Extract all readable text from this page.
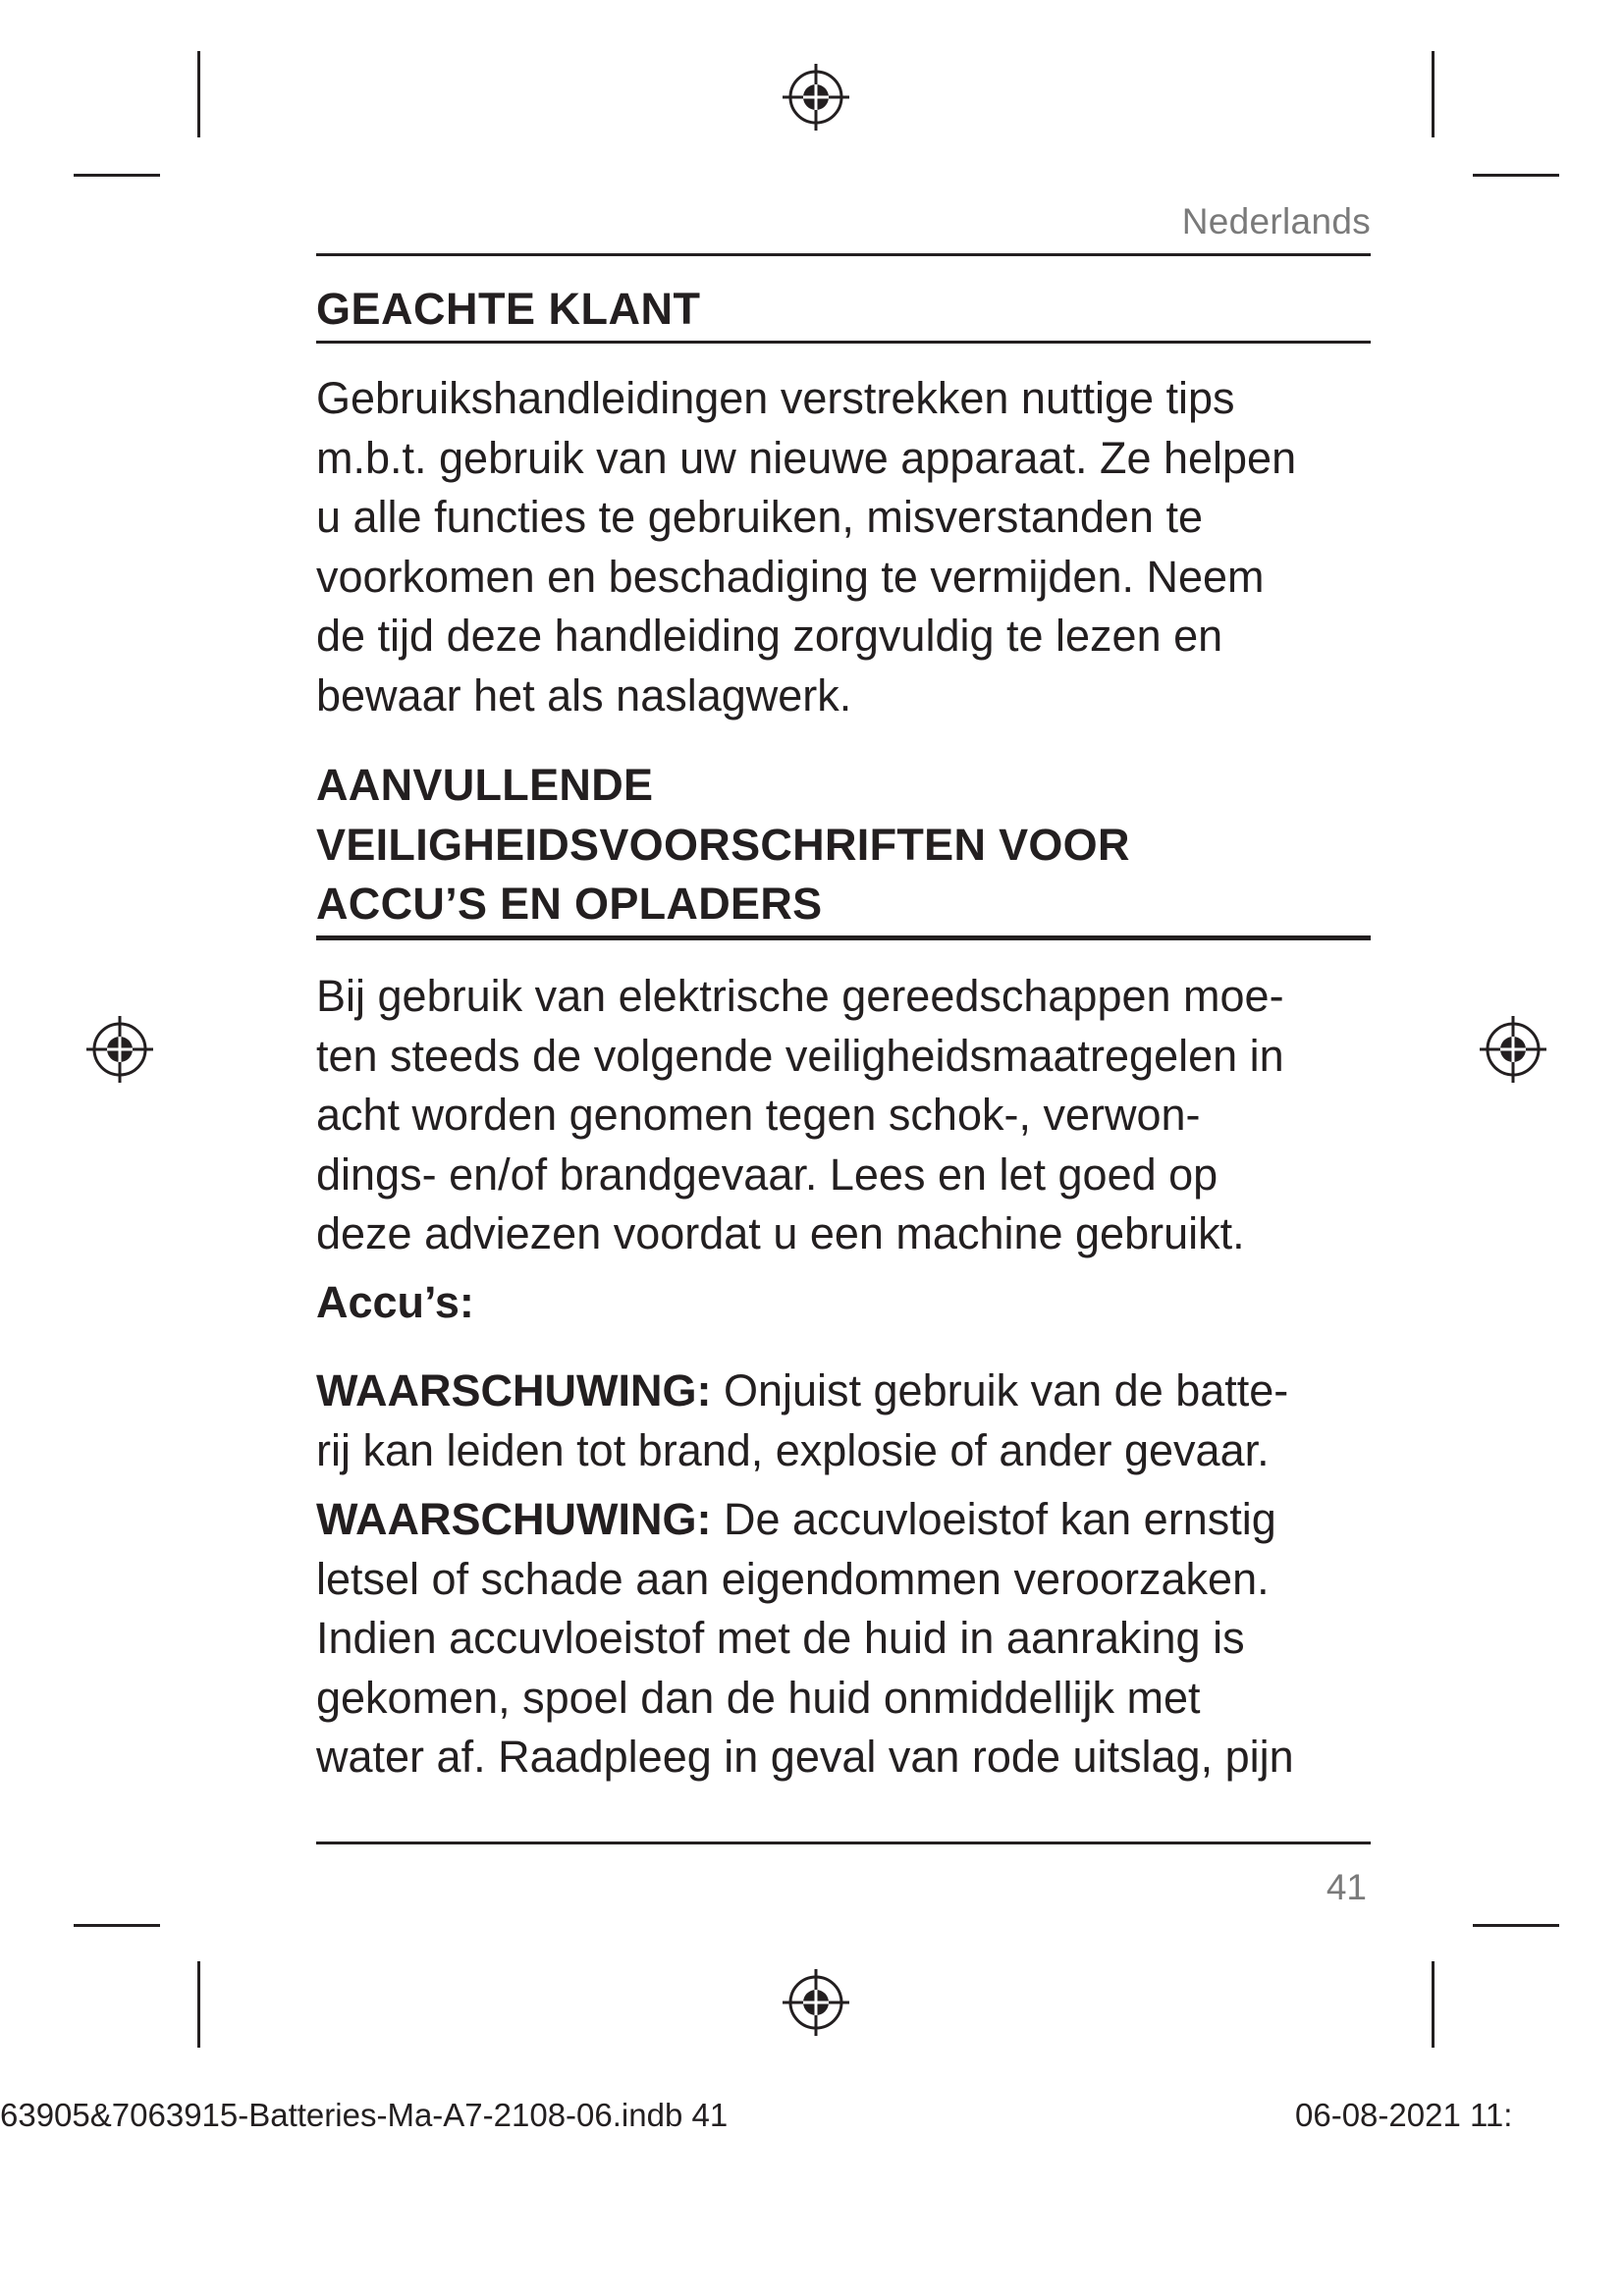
Nederlands
GEACHTE KLANT
Gebruikshandleidingen verstrekken nuttige tips
m.b.t. gebruik van uw nieuwe apparaat. Ze helpen
u alle functies te gebruiken, misverstanden te
voorkomen en beschadiging te vermijden. Neem
de tijd deze handleiding zorgvuldig te lezen en
bewaar het als naslagwerk.
AANVULLENDE
VEILIGHEIDSVOORSCHRIFTEN VOOR
ACCU’S EN OPLADERS
Bij gebruik van elektrische gereedschappen moe-
ten steeds de volgende veiligheidsmaatregelen in
acht worden genomen tegen schok-, verwon-
dings- en/of brandgevaar. Lees en let goed op
deze adviezen voordat u een machine gebruikt.
Accu’s:
WAARSCHUWING: Onjuist gebruik van de batte-
rij kan leiden tot brand, explosie of ander gevaar.
WAARSCHUWING: De accuvloeistof kan ernstig
letsel of schade aan eigendommen veroorzaken.
Indien accuvloeistof met de huid in aanraking is
gekomen, spoel dan de huid onmiddellijk met
water af. Raadpleeg in geval van rode uitslag, pijn
41
63905&7063915-Batteries-Ma-A7-2108-06.indb 41	06-08-2021 11:
